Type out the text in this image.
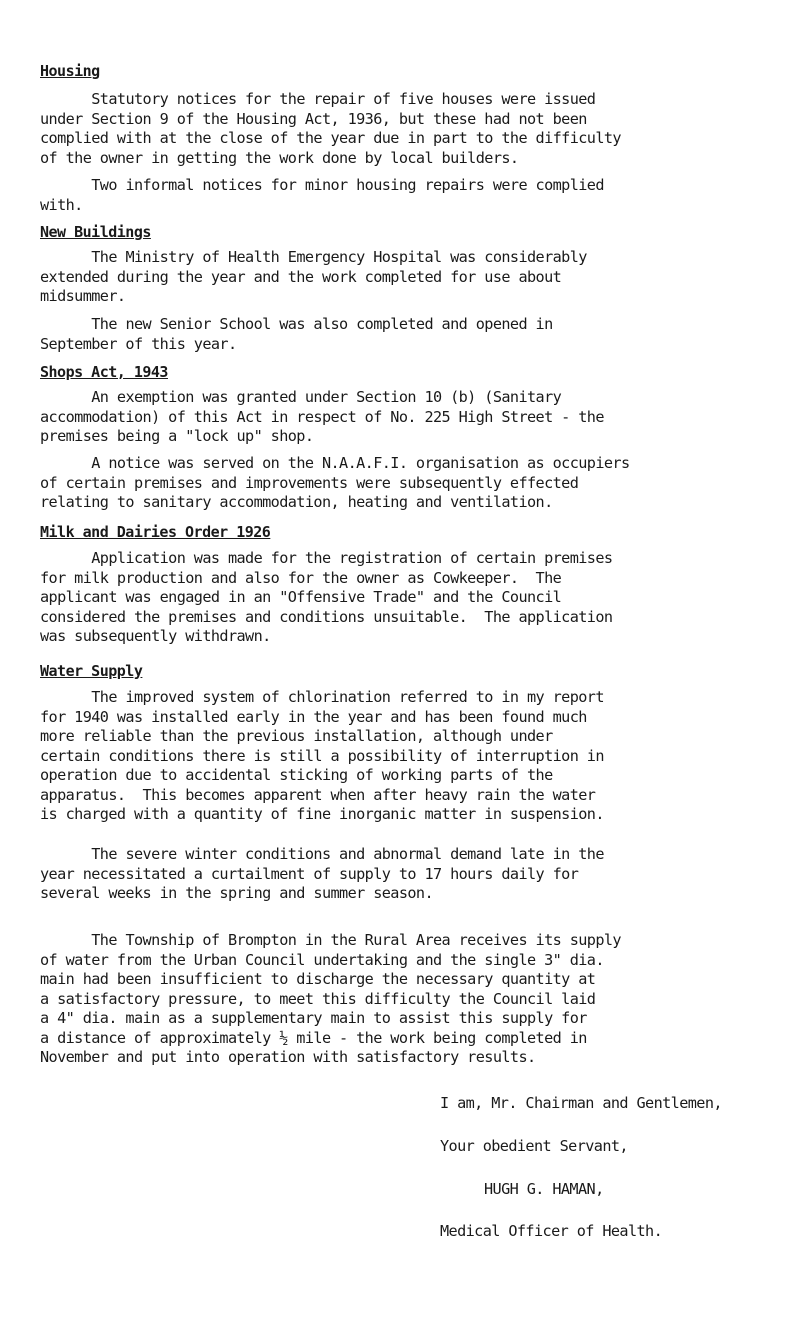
Housing

Statutory notices for the repair of five houses were issued
under Section 9 of the Housing Act, 1936, but these had not been
complied with at the close of the year due in part to the difficulty
of the owner in getting the work done by local builders.

Two informal notices for minor housing repairs were complied
with.

New Buildings

The Ministry of Health Emergency Hospital was considerably
extended during the year and the work completed for use about
midsummer.

The new Senior School was also completed and opened in
September of this year.

Shops Act, 1943

An exemption was granted under Section 10 (b) (Sanitary
accommodation) of this Act in respect of No. 225 High Street - the
premises being a "lock up" shop.

A notice was served on the N.A.A.F.I. organisation as occupiers
of certain premises and improvements were subsequently effected
relating to sanitary accommodation, heating and ventilation.

Milk and Dairies Order 1926

Application was made for the registration of certain premises
for milk production and also for the owner as Cowkeeper.  The
applicant was engaged in an "Offensive Trade" and the Council
considered the premises and conditions unsuitable.  The application
was subsequently withdrawn.

Water Supply

The improved system of chlorination referred to in my report
for 1940 was installed early in the year and has been found much
more reliable than the previous installation, although under
certain conditions there is still a possibility of interruption in
operation due to accidental sticking of working parts of the
apparatus.  This becomes apparent when after heavy rain the water
is charged with a quantity of fine inorganic matter in suspension.

The severe winter conditions and abnormal demand late in the
year necessitated a curtailment of supply to 17 hours daily for
several weeks in the spring and summer season.

The Township of Brompton in the Rural Area receives its supply
of water from the Urban Council undertaking and the single 3" dia.
main had been insufficient to discharge the necessary quantity at
a satisfactory pressure, to meet this difficulty the Council laid
a 4" dia. main as a supplementary main to assist this supply for
a distance of approximately ½ mile - the work being completed in
November and put into operation with satisfactory results.

I am, Mr. Chairman and Gentlemen,
Your obedient Servant,
HUGH G. HAMAN,
Medical Officer of Health.
